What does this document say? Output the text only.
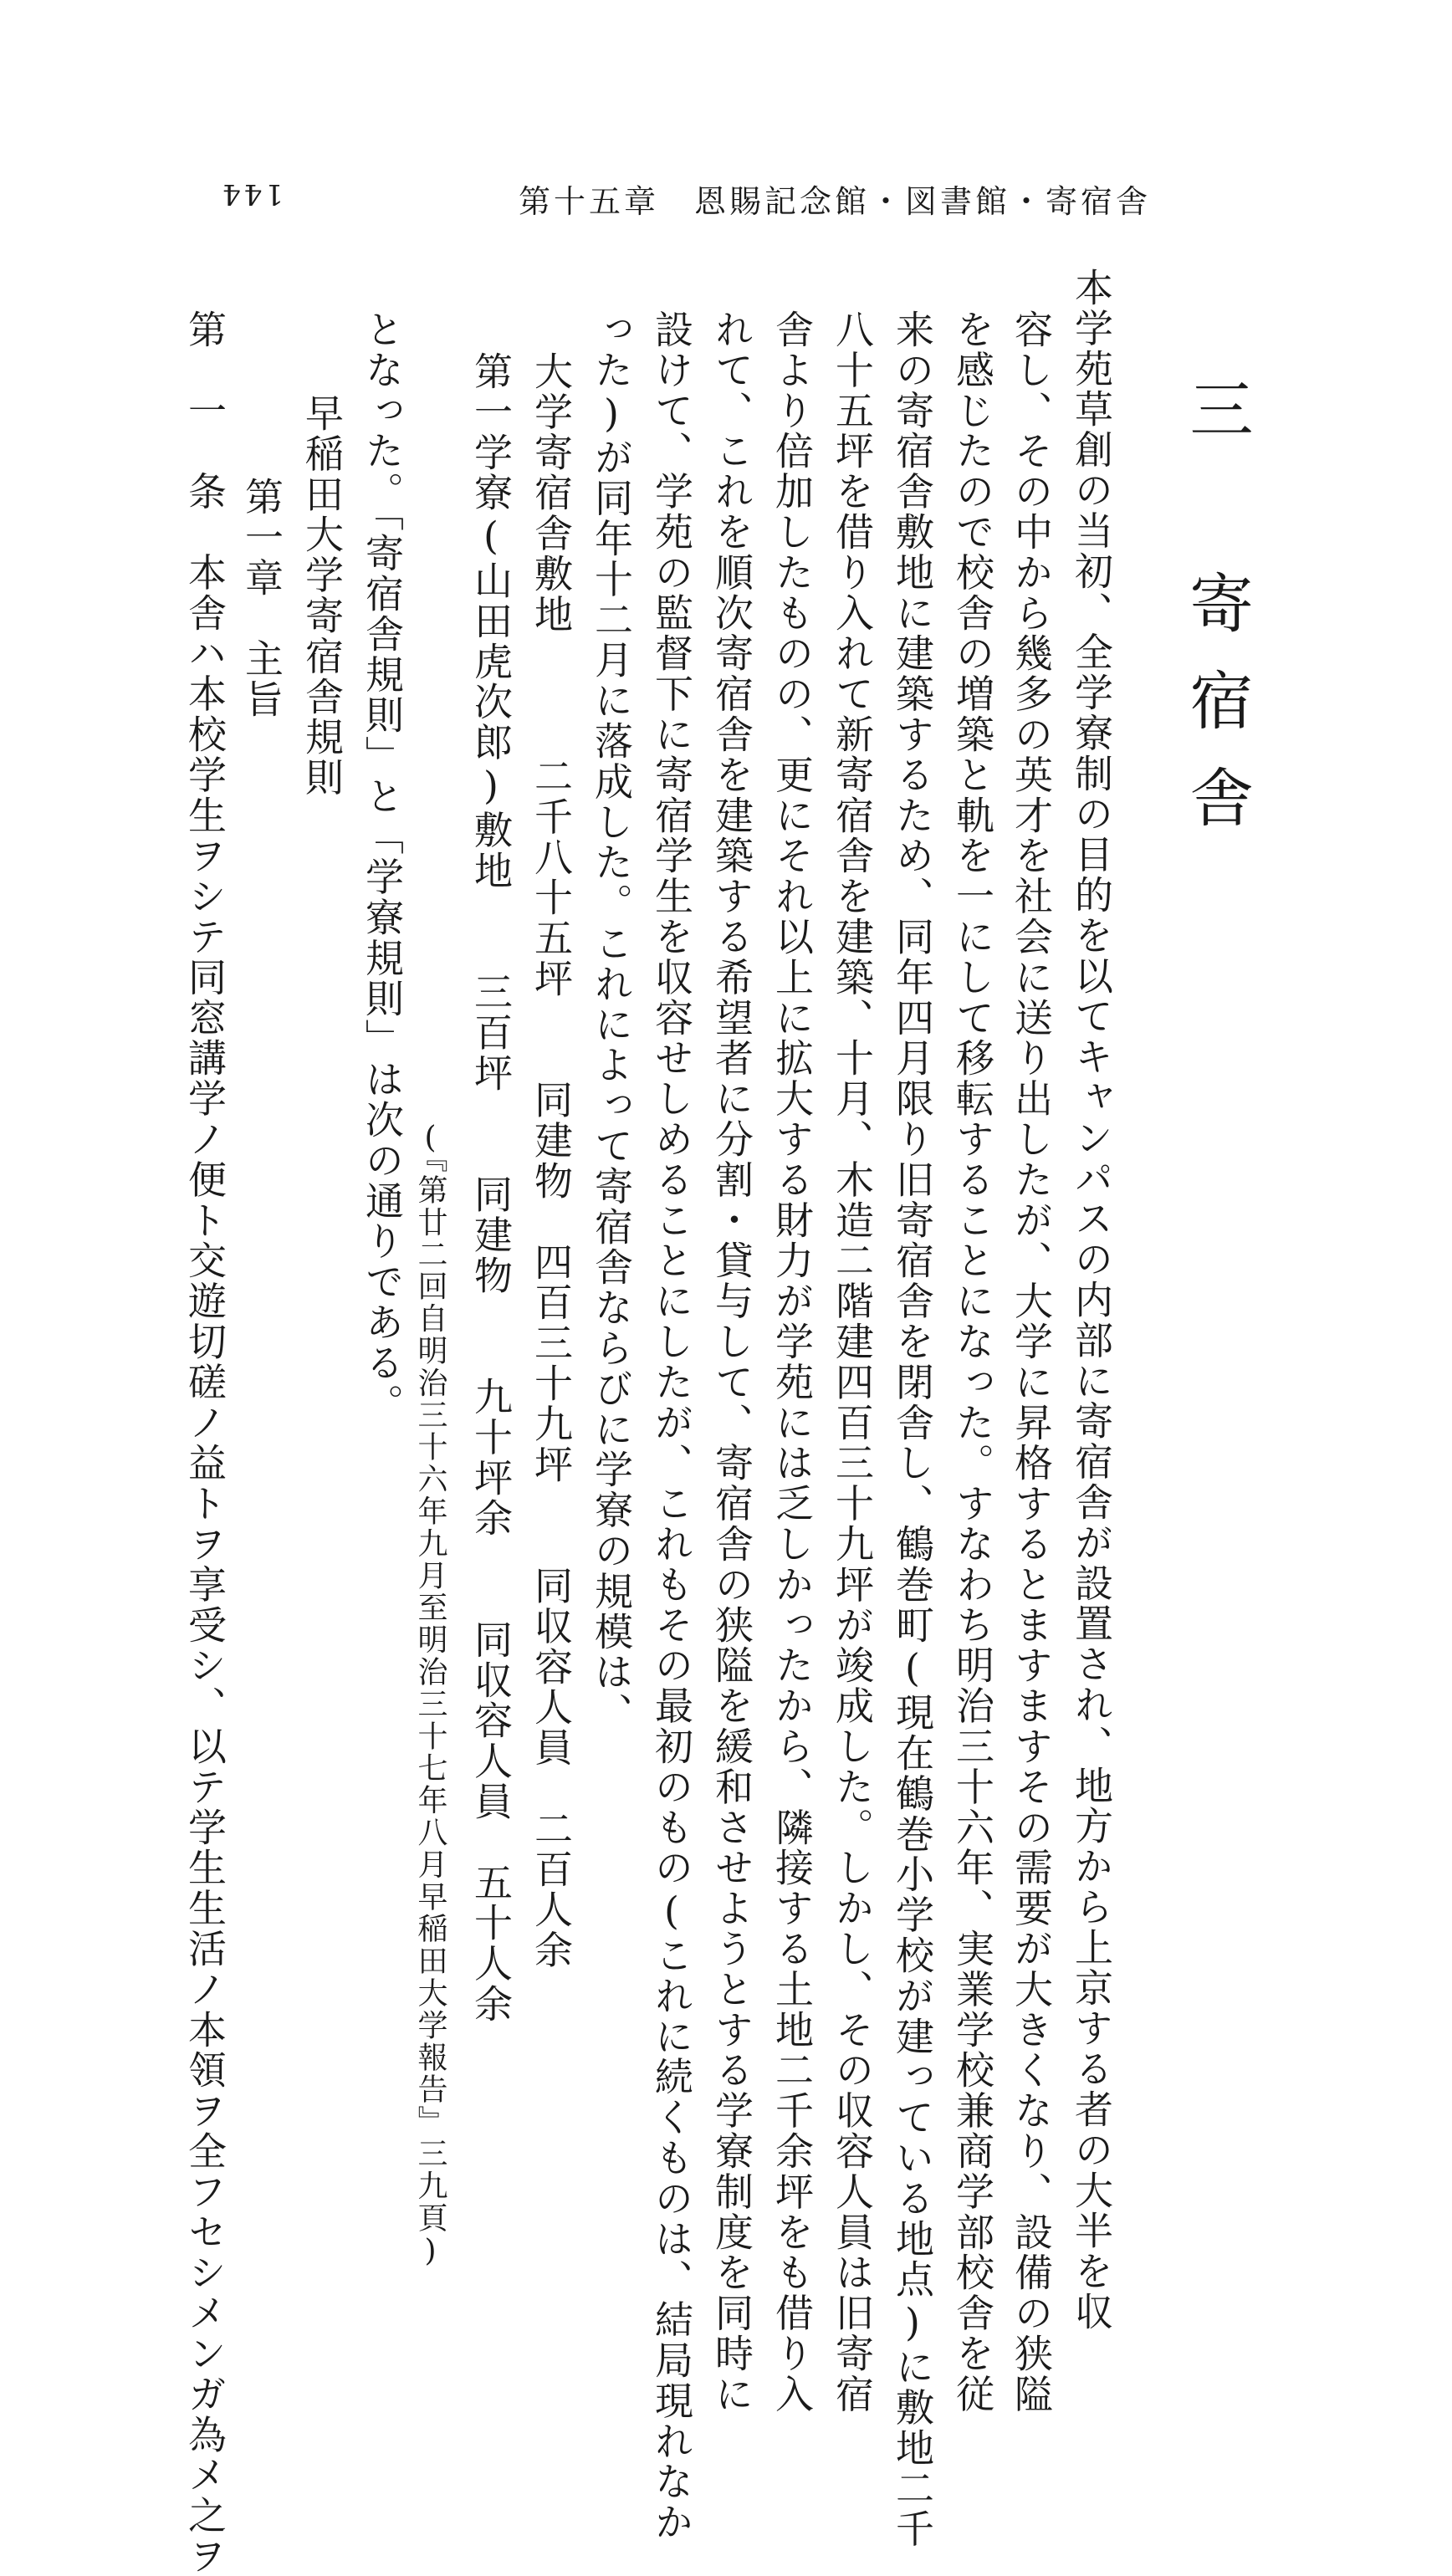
144	第十五章　恩賜記念館・図書館・寄宿舎
三　寄宿舎
本学苑草創の当初、全学寮制の目的を以てキャンパスの内部に寄宿舎が設置され、地方から上京する者の大半を収
容し、その中から幾多の英才を社会に送り出したが、大学に昇格するとますますその需要が大きくなり、設備の狭隘
を感じたので校舎の増築と軌を一にして移転することになった。すなわち明治三十六年、実業学校兼商学部校舎を従
来の寄宿舎敷地に建築するため、同年四月限り旧寄宿舎を閉舎し、鶴巻町(現在鶴巻小学校が建っている地点)に敷地二千
八十五坪を借り入れて新寄宿舎を建築、十月、木造二階建四百三十九坪が竣成した。しかし、その収容人員は旧寄宿
舎より倍加したものの、更にそれ以上に拡大する財力が学苑には乏しかったから、隣接する土地二千余坪をも借り入
れて、これを順次寄宿舎を建築する希望者に分割・貸与して、寄宿舎の狭隘を緩和させようとする学寮制度を同時に
設けて、学苑の監督下に寄宿学生を収容せしめることにしたが、これもその最初のもの(これに続くものは、結局現れなか
った)が同年十二月に落成した。これによって寄宿舎ならびに学寮の規模は、
大学寄宿舎敷地　　　二千八十五坪　　同建物　四百三十九坪　　同収容人員　二百人余
第一学寮(山田虎次郎)敷地　　三百坪　　同建物　　九十坪余　　同収容人員　五十人余
(『第廿二回自明治三十六年九月至明治三十七年八月早稲田大学報告』三九頁)
となった。「寄宿舎規則」と「学寮規則」は次の通りである。
早稲田大学寄宿舎規則
第一章　主旨
第　一　条　本舎ハ本校学生ヲシテ同窓講学ノ便ト交遊切磋ノ益トヲ享受シ、以テ学生生活ノ本領ヲ全フセシメンガ為メ之ヲ
